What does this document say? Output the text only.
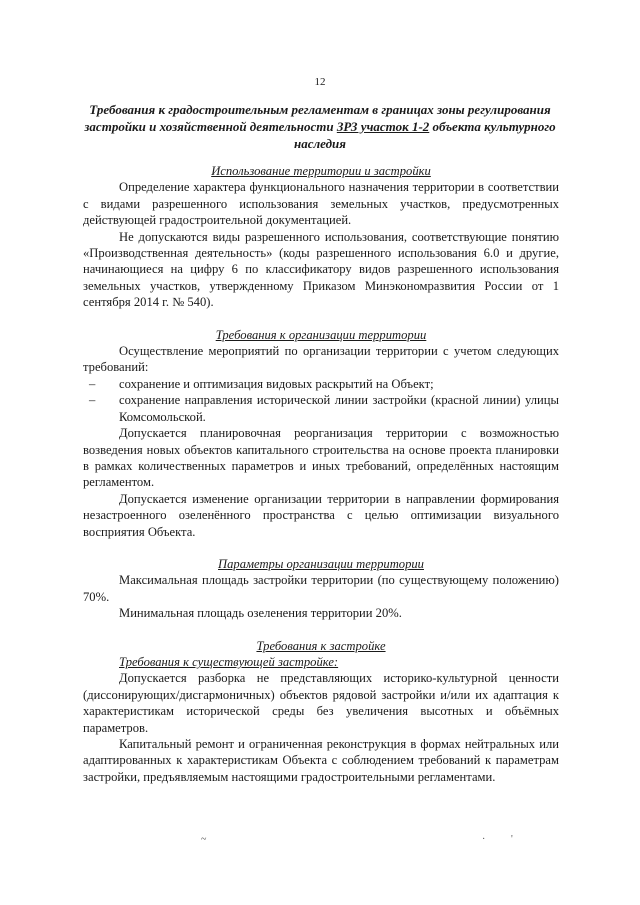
12
Требования к градостроительным регламентам в границах зоны регулирования застройки и хозяйственной деятельности ЗРЗ участок 1-2 объекта культурного наследия
Использование территории и застройки

Определение характера функционального назначения территории в соответствии с видами разрешенного использования земельных участков, предусмотренных действующей градостроительной документацией.

Не допускаются виды разрешенного использования, соответствующие понятию «Производственная деятельность» (коды разрешенного использования 6.0 и другие, начинающиеся на цифру 6 по классификатору видов разрешенного использования земельных участков, утвержденному Приказом Минэкономразвития России от 1 сентября 2014 г. № 540).

Требования к организации территории

Осуществление мероприятий по организации территории с учетом следующих требований:

–	сохранение и оптимизация видовых раскрытий на Объект;
–	сохранение направления исторической линии застройки (красной линии) улицы Комсомольской.

Допускается планировочная реорганизация территории с возможностью возведения новых объектов капитального строительства на основе проекта планировки в рамках количественных параметров и иных требований, определённых настоящим регламентом.

Допускается изменение организации территории в направлении формирования незастроенного озеленённого пространства с целью оптимизации визуального восприятия Объекта.

Параметры организации территории

Максимальная площадь застройки территории (по существующему положению) 70%.

Минимальная площадь озеленения территории 20%.

Требования к застройке

Требования к существующей застройке:

Допускается разборка не представляющих историко-культурной ценности (диссонирующих/дисгармоничных) объектов рядовой застройки и/или их адаптация к характеристикам исторической среды без увеличения высотных и объёмных параметров.

Капитальный ремонт и ограниченная реконструкция в формах нейтральных или адаптированных к характеристикам Объекта с соблюдением требований к параметрам застройки, предъявляемым настоящими градостроительными регламентами.

~	·	'
